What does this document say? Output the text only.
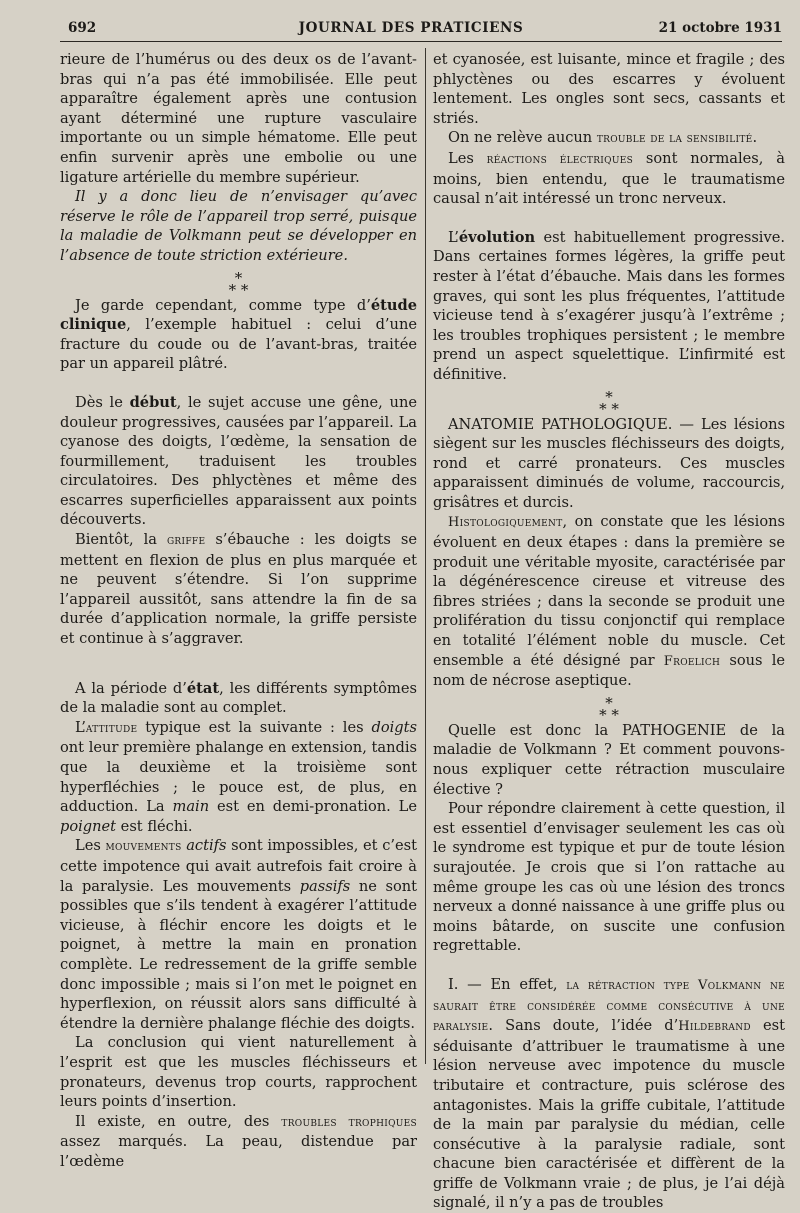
692	JOURNAL DES PRATICIENS	21 octobre 1931

rieure de l’humérus ou des deux os de l’avant-bras qui n’a pas été immobilisée. Elle peut apparaître également après une contusion ayant déterminé une rupture vasculaire importante ou un simple hématome. Elle peut enfin survenir après une embolie ou une ligature artérielle du membre supérieur.

Il y a donc lieu de n’envisager qu’avec réserve le rôle de l’appareil trop serré, puisque la maladie de Volkmann peut se développer en l’absence de toute striction extérieure.

*
* *

Je garde cependant, comme type d’étude clinique, l’exemple habituel : celui d’une fracture du coude ou de l’avant-bras, traitée par un appareil plâtré.

Dès le début, le sujet accuse une gêne, une douleur progressives, causées par l’appareil. La cyanose des doigts, l’œdème, la sensation de fourmillement, traduisent les troubles circulatoires. Des phlyctènes et même des escarres superficielles apparaissent aux points découverts.

Bientôt, la griffe s’ébauche : les doigts se mettent en flexion de plus en plus marquée et ne peuvent s’étendre. Si l’on supprime l’appareil aussitôt, sans attendre la fin de sa durée d’application normale, la griffe persiste et continue à s’aggraver.

A la période d’état, les différents symptômes de la maladie sont au complet.

L’attitude typique est la suivante : les doigts ont leur première phalange en extension, tandis que la deuxième et la troisième sont hyperfléchies ; le pouce est, de plus, en adduction. La main est en demi-pronation. Le poignet est fléchi.

Les mouvements actifs sont impossibles, et c’est cette impotence qui avait autrefois fait croire à la paralysie. Les mouvements passifs ne sont possibles que s’ils tendent à exagérer l’attitude vicieuse, à fléchir encore les doigts et le poignet, à mettre la main en pronation complète. Le redressement de la griffe semble donc impossible ; mais si l’on met le poignet en hyperflexion, on réussit alors sans difficulté à étendre la dernière phalange fléchie des doigts.

La conclusion qui vient naturellement à l’esprit est que les muscles fléchisseurs et pronateurs, devenus trop courts, rapprochent leurs points d’insertion.

Il existe, en outre, des troubles trophiques assez marqués. La peau, distendue par l’œdème

et cyanosée, est luisante, mince et fragile ; des phlyctènes ou des escarres y évoluent lentement. Les ongles sont secs, cassants et striés.

On ne relève aucun trouble de la sensibilité.

Les réactions électriques sont normales, à moins, bien entendu, que le traumatisme causal n’ait intéressé un tronc nerveux.

L’évolution est habituellement progressive. Dans certaines formes légères, la griffe peut rester à l’état d’ébauche. Mais dans les formes graves, qui sont les plus fréquentes, l’attitude vicieuse tend à s’exagérer jusqu’à l’extrême ; les troubles trophiques persistent ; le membre prend un aspect squelettique. L’infirmité est définitive.

*
* *

ANATOMIE PATHOLOGIQUE. — Les lésions siègent sur les muscles fléchisseurs des doigts, rond et carré pronateurs. Ces muscles apparaissent diminués de volume, raccourcis, grisâtres et durcis.

Histologiquement, on constate que les lésions évoluent en deux étapes : dans la première se produit une véritable myosite, caractérisée par la dégénérescence cireuse et vitreuse des fibres striées ; dans la seconde se produit une prolifération du tissu conjonctif qui remplace en totalité l’élément noble du muscle. Cet ensemble a été désigné par Froelich sous le nom de nécrose aseptique.

*
* *

Quelle est donc la PATHOGENIE de la maladie de Volkmann ? Et comment pouvons-nous expliquer cette rétraction musculaire élective ?

Pour répondre clairement à cette question, il est essentiel d’envisager seulement les cas où le syndrome est typique et pur de toute lésion surajoutée. Je crois que si l’on rattache au même groupe les cas où une lésion des troncs nerveux a donné naissance à une griffe plus ou moins bâtarde, on suscite une confusion regrettable.

I. — En effet, la rétraction type Volkmann ne saurait être considérée comme consécutive à une paralysie. Sans doute, l’idée d’Hildebrand est séduisante d’attribuer le traumatisme à une lésion nerveuse avec impotence du muscle tributaire et contracture, puis sclérose des antagonistes. Mais la griffe cubitale, l’attitude de la main par paralysie du médian, celle consécutive à la paralysie radiale, sont chacune bien caractérisée et diffèrent de la griffe de Volkmann vraie ; de plus, je l’ai déjà signalé, il n’y a pas de troubles
